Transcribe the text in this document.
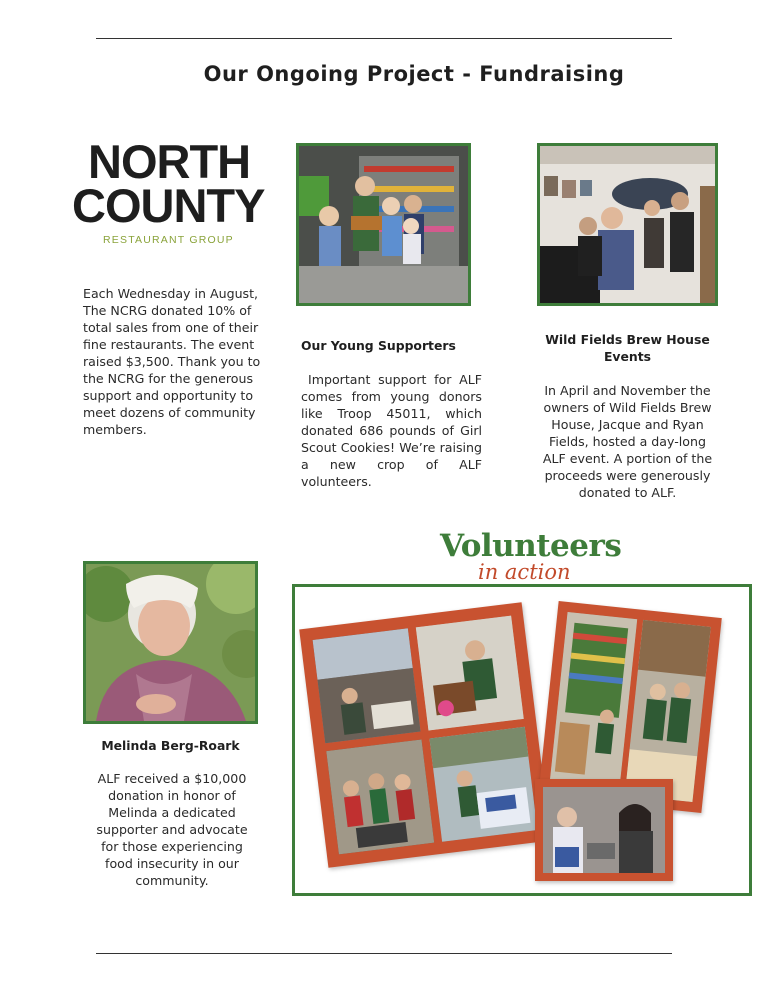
Our Ongoing Project - Fundraising
NORTH
COUNTY
RESTAURANT GROUP
Each Wednesday in August, The NCRG donated 10% of total sales from one of their fine restaurants. The event raised $3,500. Thank you to the NCRG for the generous support and opportunity to meet dozens of community members.
Our Young Supporters
Important support for ALF comes from young donors like Troop 45011, which donated 686 pounds of Girl Scout Cookies! We’re raising a new crop of ALF volunteers.
Wild Fields Brew House
Events
In April and November the owners of Wild Fields Brew House, Jacque and Ryan Fields, hosted a day-long ALF event. A portion of the proceeds were generously donated to ALF.
Melinda Berg-Roark
ALF received a $10,000 donation in honor of Melinda a dedicated supporter and advocate for those experiencing food insecurity in our community.
Volunteers
in action
